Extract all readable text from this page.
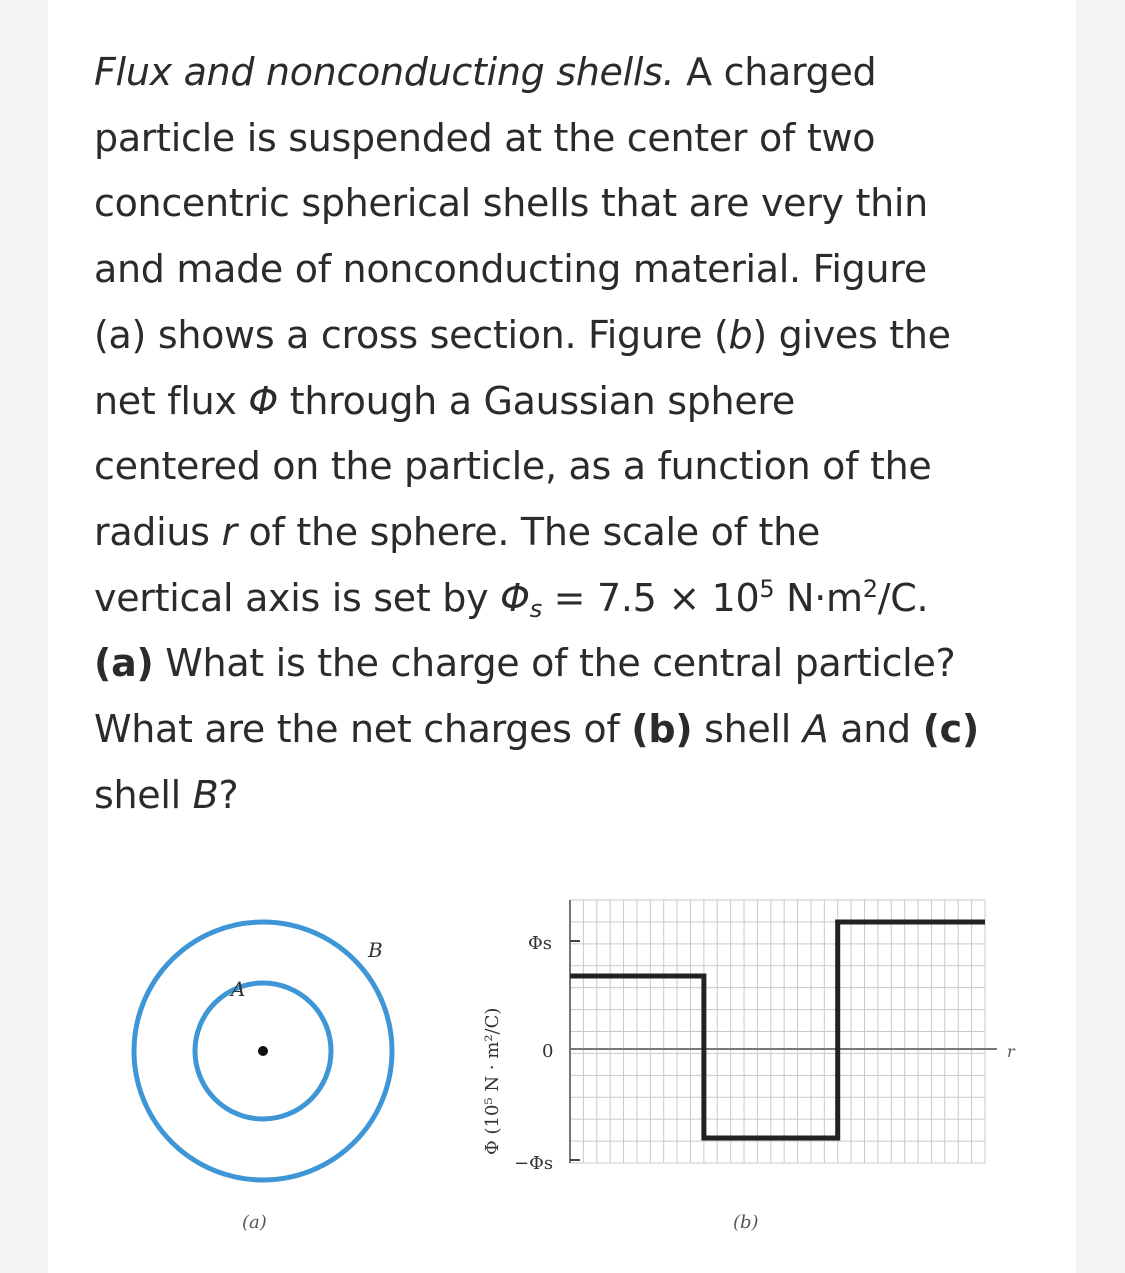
Flux and nonconducting shells. A charged
particle is suspended at the center of two
concentric spherical shells that are very thin
and made of nonconducting material. Figure
(a) shows a cross section. Figure (b) gives the
net flux Φ through a Gaussian sphere
centered on the particle, as a function of the
radius r of the sphere. The scale of the
vertical axis is set by $\Phi_s = 7.5 \times 10^5$ $N\cdot m^2/C$.
(a) What is the charge of the central particle?
What are the net charges of (b) shell A and (c)
shell B?
A
B
(a)
r
Φs
0
−Φs
Φ (10⁵ N · m²/C)
(b)
